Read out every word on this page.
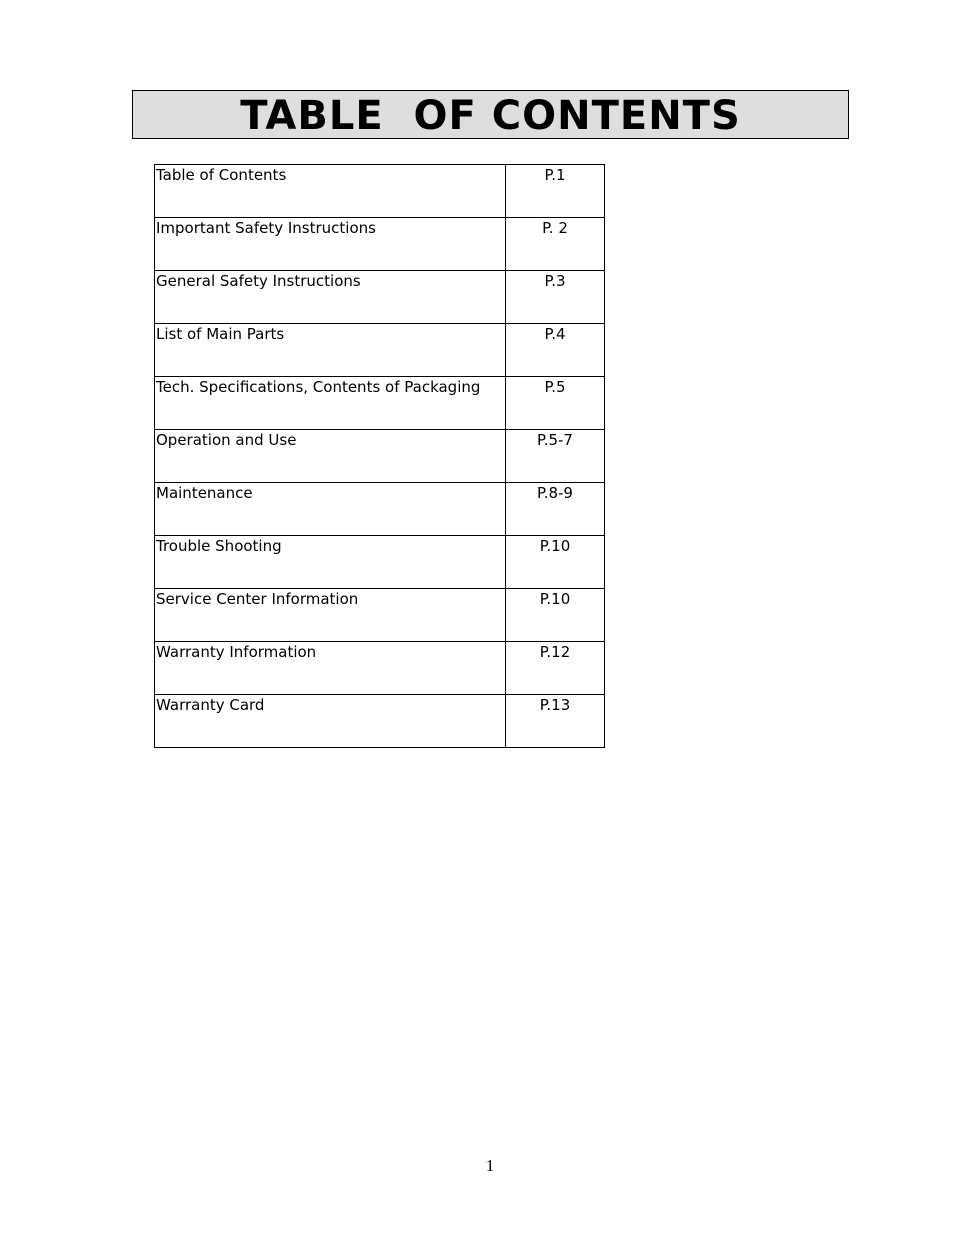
TABLE  OF CONTENTS
Table of Contents	P.1
Important Safety Instructions	P. 2
General Safety Instructions	P.3
List of Main Parts	P.4
Tech. Specifications, Contents of Packaging	P.5
Operation and Use	P.5-7
Maintenance	P.8-9
Trouble Shooting	P.10
Service Center Information	P.10
Warranty Information	P.12
Warranty Card	P.13
1
